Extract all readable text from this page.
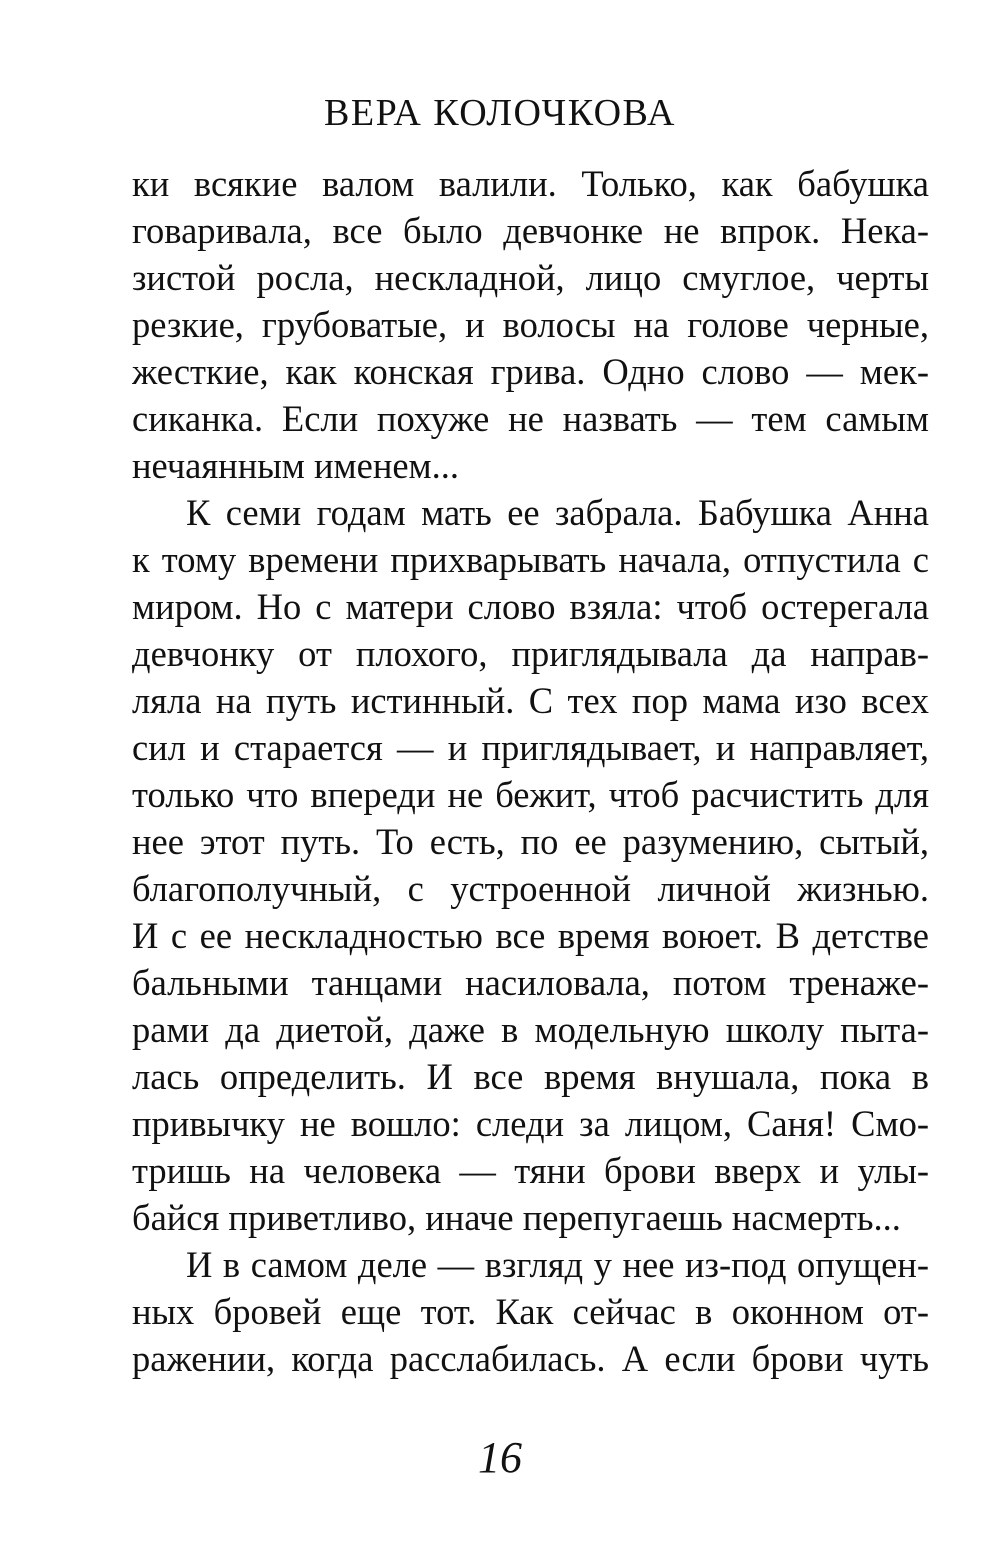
ВЕРА КОЛОЧКОВА
ки всякие валом валили. Только, как бабушка
говаривала, все было девчонке не впрок. Нека-
зистой росла, нескладной, лицо смуглое, черты
резкие, грубоватые, и волосы на голове черные,
жесткие, как конская грива. Одно слово — мек-
сиканка. Если похуже не назвать — тем самым
нечаянным именем...
К семи годам мать ее забрала. Бабушка Анна
к тому времени прихварывать начала, отпустила с
миром. Но с матери слово взяла: чтоб остерегала
девчонку от плохого, приглядывала да направ-
ляла на путь истинный. С тех пор мама изо всех
сил и старается — и приглядывает, и направляет,
только что впереди не бежит, чтоб расчистить для
нее этот путь. То есть, по ее разумению, сытый,
благополучный, с устроенной личной жизнью.
И с ее нескладностью все время воюет. В детстве
бальными танцами насиловала, потом тренаже-
рами да диетой, даже в модельную школу пыта-
лась определить. И все время внушала, пока в
привычку не вошло: следи за лицом, Саня! Смо-
тришь на человека — тяни брови вверх и улы-
байся приветливо, иначе перепугаешь насмерть...
И в самом деле — взгляд у нее из-под опущен-
ных бровей еще тот. Как сейчас в оконном от-
ражении, когда расслабилась. А если брови чуть
16
